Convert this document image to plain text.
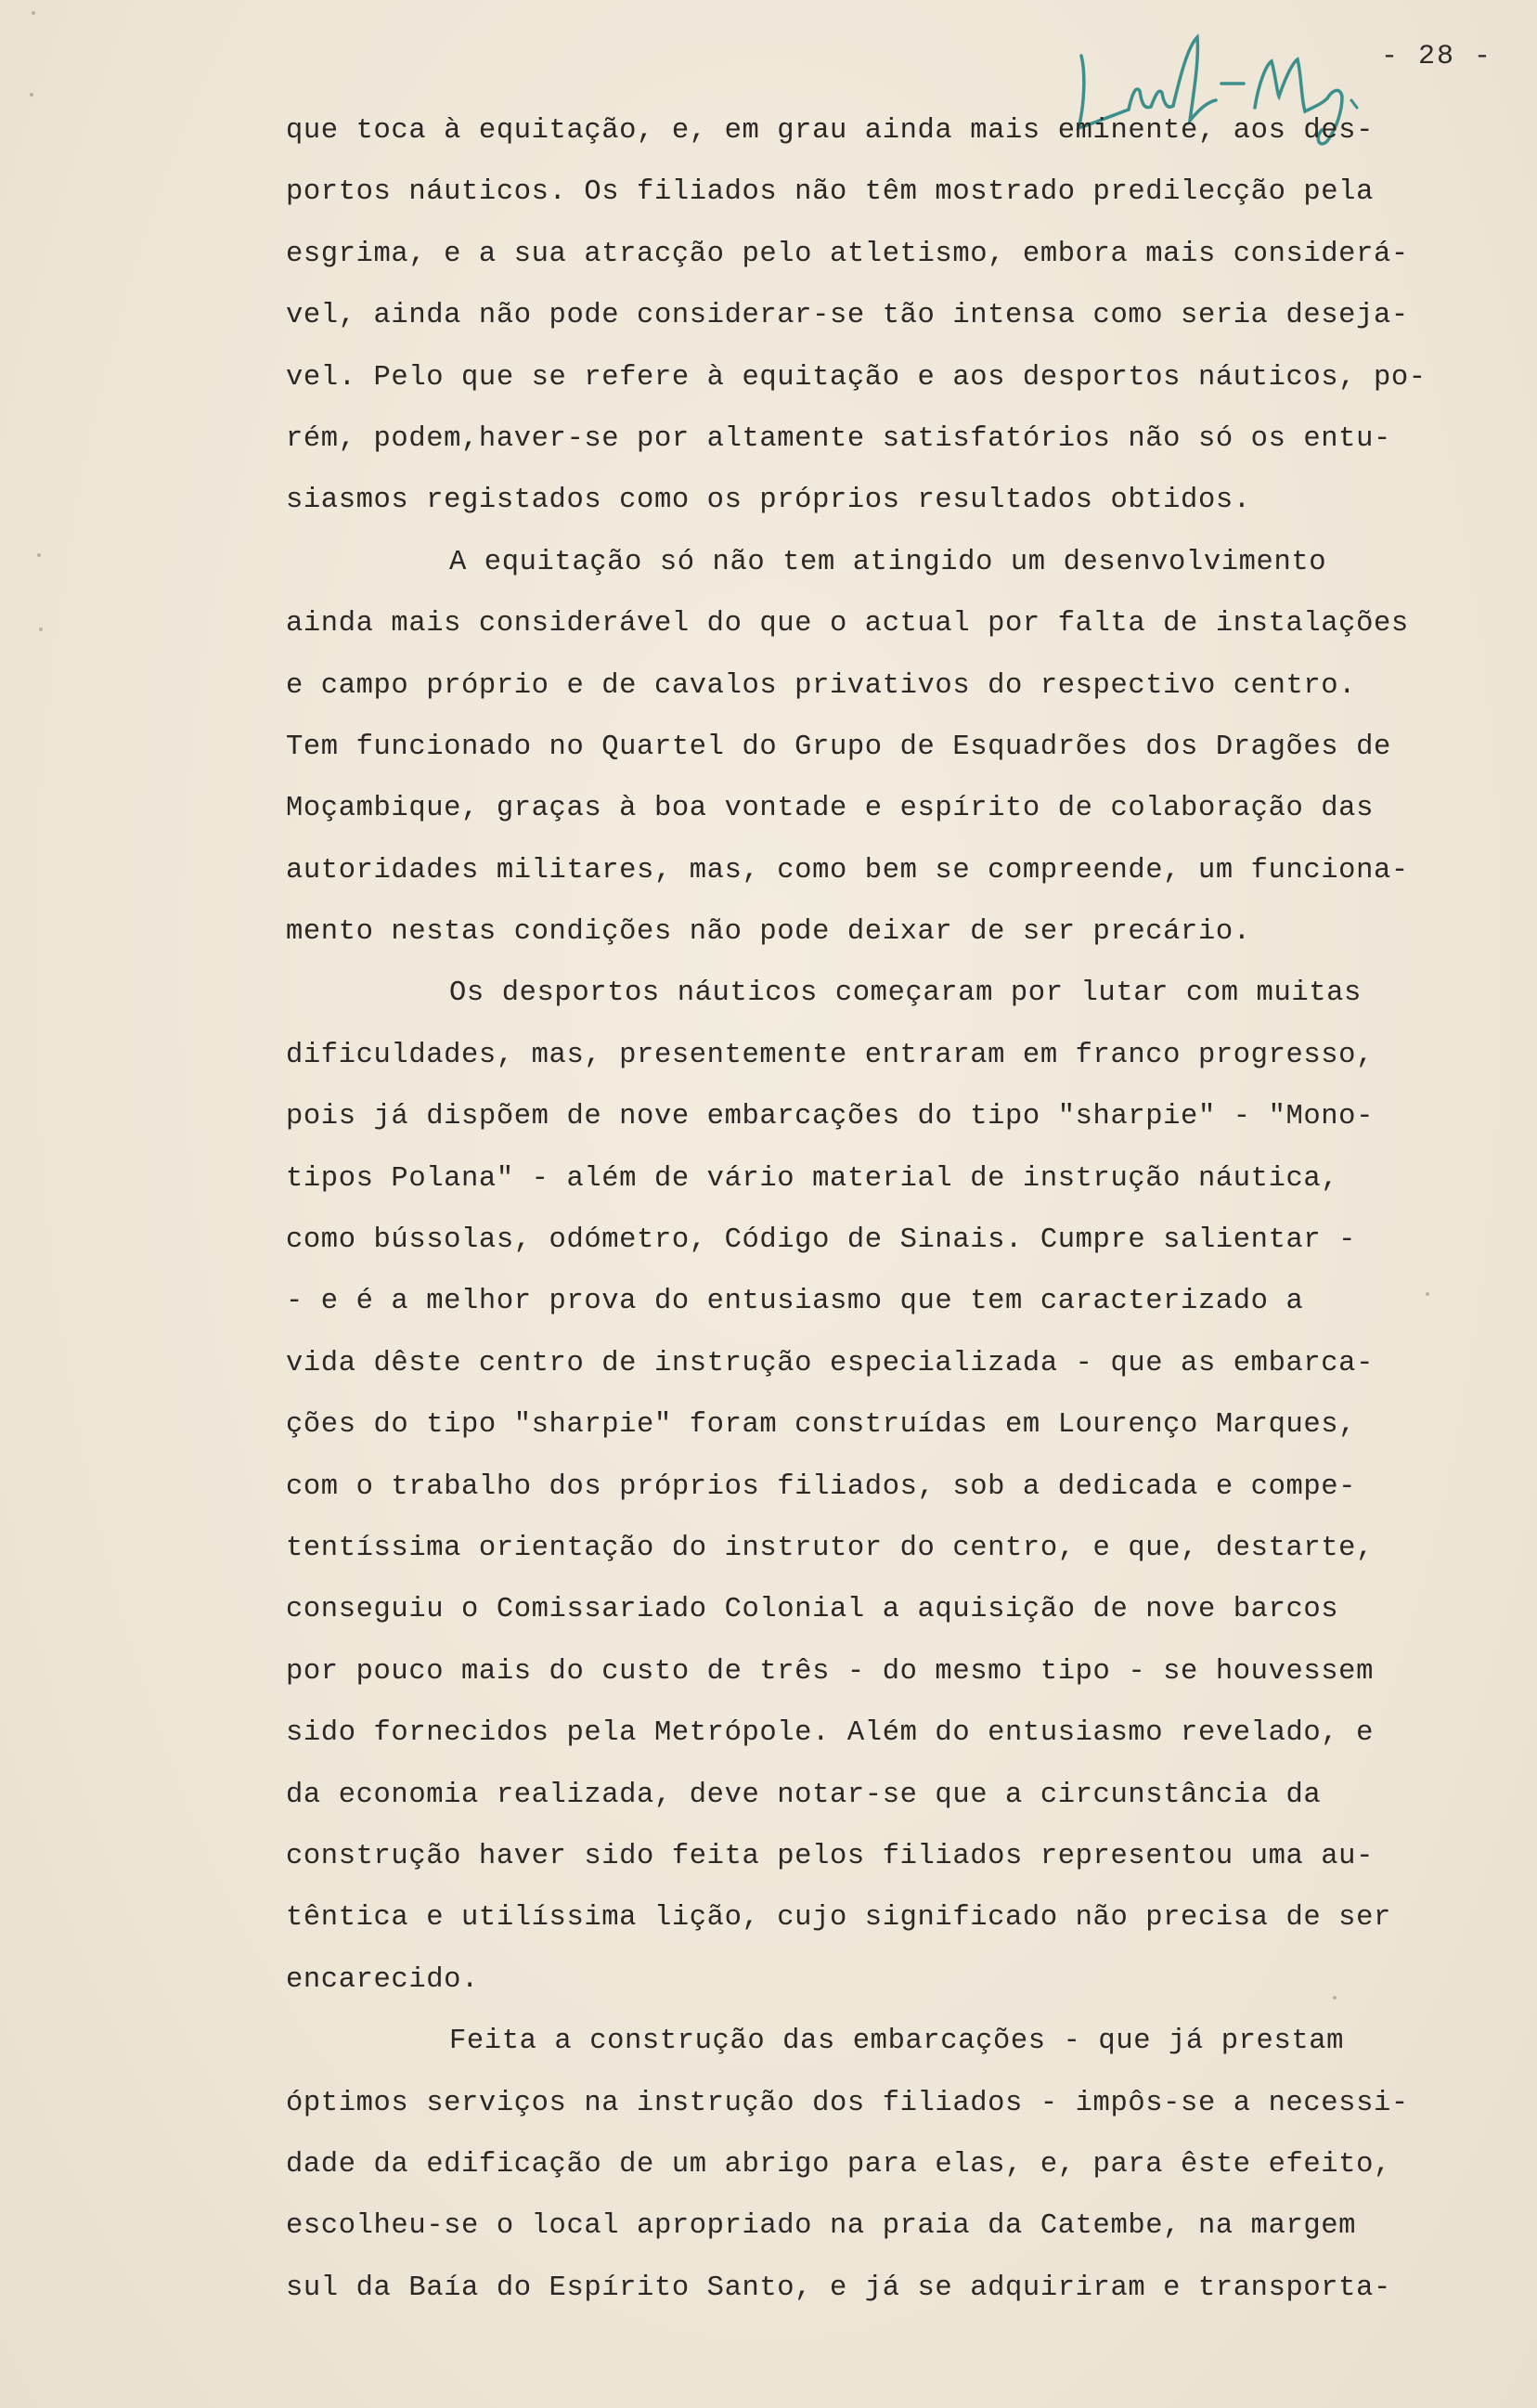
- 28 -
que toca à equitação, e, em grau ainda mais eminente, aos des-
portos náuticos. Os filiados não têm mostrado predilecção pela
esgrima, e a sua atracção pelo atletismo, embora mais considerá-
vel, ainda não pode considerar-se tão intensa como seria deseja-
vel. Pelo que se refere à equitação e aos desportos náuticos, po-
rém, podem,haver-se por altamente satisfatórios não só os entu-
siasmos registados como os próprios resultados obtidos.
A equitação só não tem atingido um desenvolvimento
ainda mais considerável do que o actual por falta de instalações
e campo próprio e de cavalos privativos do respectivo centro.
Tem funcionado no Quartel do Grupo de Esquadrões dos Dragões de
Moçambique, graças à boa vontade e espírito de colaboração das
autoridades militares, mas, como bem se compreende, um funciona-
mento nestas condições não pode deixar de ser precário.
Os desportos náuticos começaram por lutar com muitas
dificuldades, mas, presentemente entraram em franco progresso,
pois já dispõem de nove embarcações do tipo "sharpie" - "Mono-
tipos Polana" - além de vário material de instrução náutica,
como bússolas, odómetro, Código de Sinais. Cumpre salientar -
- e é a melhor prova do entusiasmo que tem caracterizado a
vida dêste centro de instrução especializada - que as embarca-
ções do tipo "sharpie" foram construídas em Lourenço Marques,
com o trabalho dos próprios filiados, sob a dedicada e compe-
tentíssima orientação do instrutor do centro, e que, destarte,
conseguiu o Comissariado Colonial a aquisição de nove barcos
por pouco mais do custo de três - do mesmo tipo - se houvessem
sido fornecidos pela Metrópole. Além do entusiasmo revelado, e
da economia realizada, deve notar-se que a circunstância da
construção haver sido feita pelos filiados representou uma au-
têntica e utilíssima lição, cujo significado não precisa de ser
encarecido.
Feita a construção das embarcações - que já prestam
óptimos serviços na instrução dos filiados - impôs-se a necessi-
dade da edificação de um abrigo para elas, e, para êste efeito,
escolheu-se o local apropriado na praia da Catembe, na margem
sul da Baía do Espírito Santo, e já se adquiriram e transporta-
